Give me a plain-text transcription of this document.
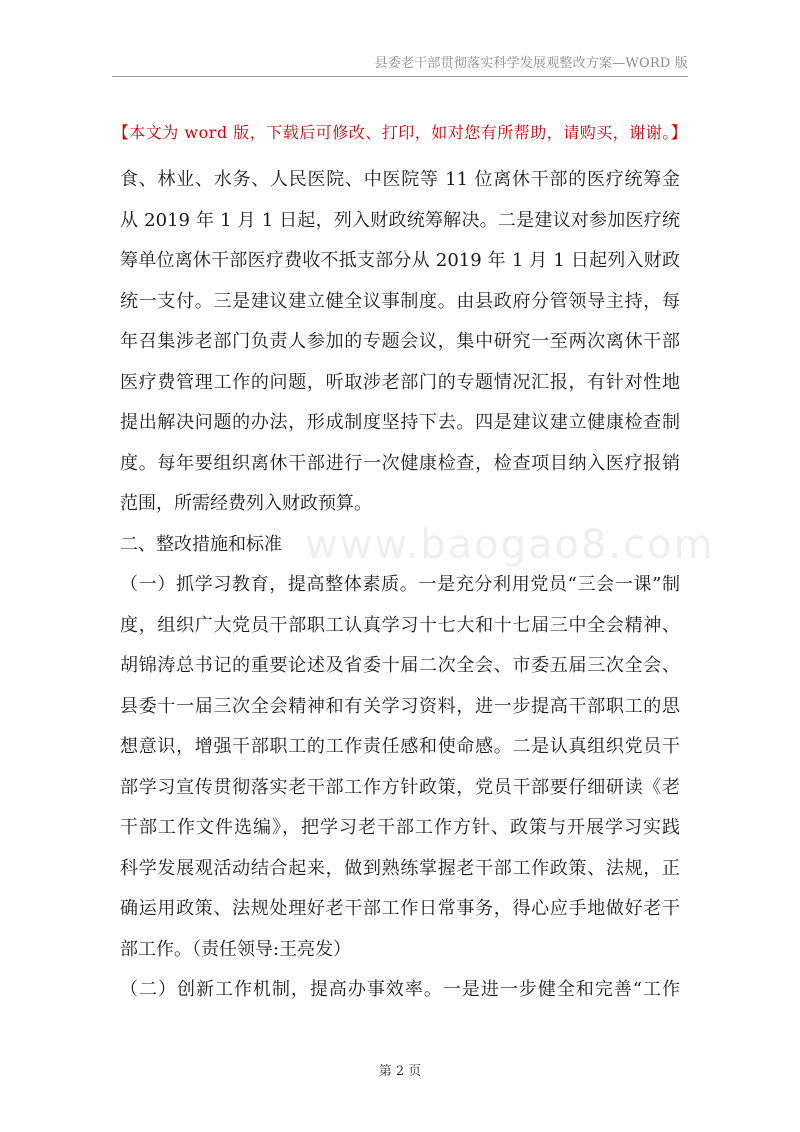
县委老干部贯彻落实科学发展观整改方案—WORD 版
【本文为 word 版，下载后可修改、打印，如对您有所帮助，请购买，谢谢。】
www.baogao8.com
食、林业、水务、人民医院、中医院等 11 位离休干部的医疗统筹金
从 2019 年 1 月 1 日起，列入财政统筹解决。二是建议对参加医疗统
筹单位离休干部医疗费收不抵支部分从 2019 年 1 月 1 日起列入财政
统一支付。三是建议建立健全议事制度。由县政府分管领导主持，每
年召集涉老部门负责人参加的专题会议，集中研究一至两次离休干部
医疗费管理工作的问题，听取涉老部门的专题情况汇报，有针对性地
提出解决问题的办法，形成制度坚持下去。四是建议建立健康检查制
度。每年要组织离休干部进行一次健康检查，检查项目纳入医疗报销
范围，所需经费列入财政预算。
二、整改措施和标准
（一）抓学习教育，提高整体素质。一是充分利用党员“三会一课”制
度，组织广大党员干部职工认真学习十七大和十七届三中全会精神、
胡锦涛总书记的重要论述及省委十届二次全会、市委五届三次全会、
县委十一届三次全会精神和有关学习资料，进一步提高干部职工的思
想意识，增强干部职工的工作责任感和使命感。二是认真组织党员干
部学习宣传贯彻落实老干部工作方针政策，党员干部要仔细研读《老
干部工作文件选编》，把学习老干部工作方针、政策与开展学习实践
科学发展观活动结合起来，做到熟练掌握老干部工作政策、法规，正
确运用政策、法规处理好老干部工作日常事务，得心应手地做好老干
部工作。（责任领导:王亮发）
（二）创新工作机制，提高办事效率。一是进一步健全和完善“工作
第 2 页
